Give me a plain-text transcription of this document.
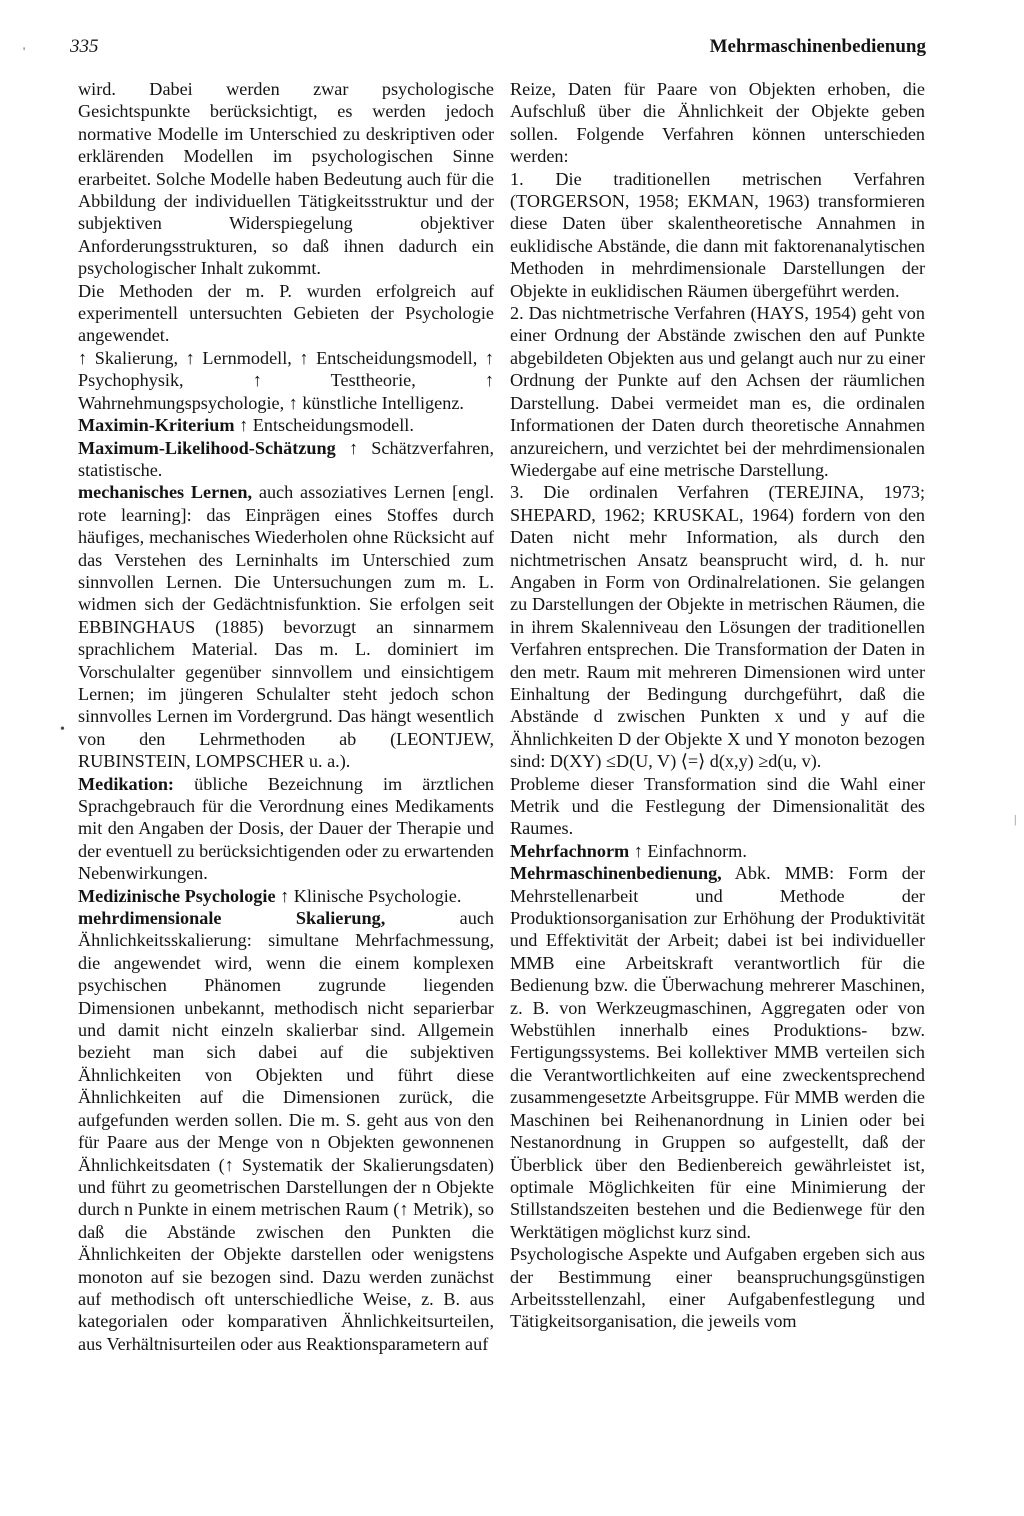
' 335	Mehrmaschinenbedienung
•
|

wird. Dabei werden zwar psychologische Gesichtspunkte berücksichtigt, es werden jedoch normative Modelle im Unterschied zu deskriptiven oder erklärenden Modellen im psychologischen Sinne erarbeitet. Solche Modelle haben Bedeutung auch für die Abbildung der individuellen Tätigkeitsstruktur und der subjektiven Widerspiegelung objektiver Anforderungsstrukturen, so daß ihnen dadurch ein psychologischer Inhalt zukommt.

Die Methoden der m. P. wurden erfolgreich auf experimentell untersuchten Gebieten der Psychologie angewendet.

↑ Skalierung, ↑ Lernmodell, ↑ Entscheidungsmodell, ↑ Psychophysik, ↑ Testtheorie, ↑ Wahrnehmungspsychologie, ↑ künstliche Intelligenz.

Maximin-Kriterium ↑ Entscheidungsmodell.

Maximum-Likelihood-Schätzung ↑ Schätzverfahren, statistische.

mechanisches Lernen, auch assoziatives Lernen [engl. rote learning]: das Einprägen eines Stoffes durch häufiges, mechanisches Wiederholen ohne Rücksicht auf das Verstehen des Lerninhalts im Unterschied zum sinnvollen Lernen. Die Untersuchungen zum m. L. widmen sich der Gedächtnisfunktion. Sie erfolgen seit EBBINGHAUS (1885) bevorzugt an sinnarmem sprachlichem Material. Das m. L. dominiert im Vorschulalter gegenüber sinnvollem und einsichtigem Lernen; im jüngeren Schulalter steht jedoch schon sinnvolles Lernen im Vordergrund. Das hängt wesentlich von den Lehrmethoden ab (LEONTJEW, RUBINSTEIN, LOMPSCHER u. a.).

Medikation: übliche Bezeichnung im ärztlichen Sprachgebrauch für die Verordnung eines Medikaments mit den Angaben der Dosis, der Dauer der Therapie und der eventuell zu berücksichtigenden oder zu erwartenden Nebenwirkungen.

Medizinische Psychologie ↑ Klinische Psychologie.

mehrdimensionale Skalierung, auch Ähnlichkeitsskalierung: simultane Mehrfachmessung, die angewendet wird, wenn die einem komplexen psychischen Phänomen zugrunde liegenden Dimensionen unbekannt, methodisch nicht separierbar und damit nicht einzeln skalierbar sind. Allgemein bezieht man sich dabei auf die subjektiven Ähnlichkeiten von Objekten und führt diese Ähnlichkeiten auf die Dimensionen zurück, die aufgefunden werden sollen. Die m. S. geht aus von den für Paare aus der Menge von n Objekten gewonnenen Ähnlichkeitsdaten (↑ Systematik der Skalierungsdaten) und führt zu geometrischen Darstellungen der n Objekte durch n Punkte in einem metrischen Raum (↑ Metrik), so daß die Abstände zwischen den Punkten die Ähnlichkeiten der Objekte darstellen oder wenigstens monoton auf sie bezogen sind. Dazu werden zunächst auf methodisch oft unterschiedliche Weise, z. B. aus kategorialen oder komparativen Ähnlichkeitsurteilen, aus Verhältnisurteilen oder aus Reaktionsparametern auf

Reize, Daten für Paare von Objekten erhoben, die Aufschluß über die Ähnlichkeit der Objekte geben sollen. Folgende Verfahren können unterschieden werden:

1. Die traditionellen metrischen Verfahren (TORGERSON, 1958; EKMAN, 1963) transformieren diese Daten über skalentheoretische Annahmen in euklidische Abstände, die dann mit faktorenanalytischen Methoden in mehrdimensionale Darstellungen der Objekte in euklidischen Räumen übergeführt werden.

2. Das nichtmetrische Verfahren (HAYS, 1954) geht von einer Ordnung der Abstände zwischen den auf Punkte abgebildeten Objekten aus und gelangt auch nur zu einer Ordnung der Punkte auf den Achsen der räumlichen Darstellung. Dabei vermeidet man es, die ordinalen Informationen der Daten durch theoretische Annahmen anzureichern, und verzichtet bei der mehrdimensionalen Wiedergabe auf eine metrische Darstellung.

3. Die ordinalen Verfahren (TEREJINA, 1973; SHEPARD, 1962; KRUSKAL, 1964) fordern von den Daten nicht mehr Information, als durch den nichtmetrischen Ansatz beansprucht wird, d. h. nur Angaben in Form von Ordinalrelationen. Sie gelangen zu Darstellungen der Objekte in metrischen Räumen, die in ihrem Skalenniveau den Lösungen der traditionellen Verfahren entsprechen. Die Transformation der Daten in den metr. Raum mit mehreren Dimensionen wird unter Einhaltung der Bedingung durchgeführt, daß die Abstände d zwischen Punkten x und y auf die Ähnlichkeiten D der Objekte X und Y monoton bezogen sind: D(XY) ≤D(U, V) ⟨=⟩ d(x,y) ≥d(u, v).

Probleme dieser Transformation sind die Wahl einer Metrik und die Festlegung der Dimensionalität des Raumes.

Mehrfachnorm ↑ Einfachnorm.

Mehrmaschinenbedienung, Abk. MMB: Form der Mehrstellenarbeit und Methode der Produktionsorganisation zur Erhöhung der Produktivität und Effektivität der Arbeit; dabei ist bei individueller MMB eine Arbeitskraft verantwortlich für die Bedienung bzw. die Überwachung mehrerer Maschinen, z. B. von Werkzeugmaschinen, Aggregaten oder von Webstühlen innerhalb eines Produktions- bzw. Fertigungssystems. Bei kollektiver MMB verteilen sich die Verantwortlichkeiten auf eine zweckentsprechend zusammengesetzte Arbeitsgruppe. Für MMB werden die Maschinen bei Reihenanordnung in Linien oder bei Nestanordnung in Gruppen so aufgestellt, daß der Überblick über den Bedienbereich gewährleistet ist, optimale Möglichkeiten für eine Minimierung der Stillstandszeiten bestehen und die Bedienwege für den Werktätigen möglichst kurz sind.

Psychologische Aspekte und Aufgaben ergeben sich aus der Bestimmung einer beanspruchungsgünstigen Arbeitsstellenzahl, einer Aufgabenfestlegung und Tätigkeitsorganisation, die jeweils vom
